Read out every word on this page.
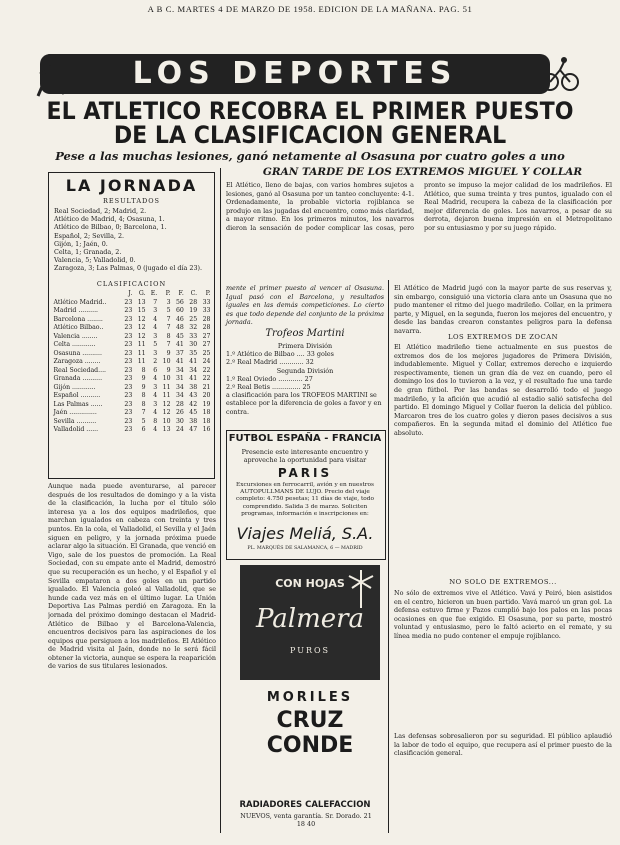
A B C. MARTES 4 DE MARZO DE 1958. EDICION DE LA MAÑANA. PAG. 51
LOS DEPORTES
EL ATLETICO RECOBRA EL PRIMER PUESTO
DE LA CLASIFICACION GENERAL
Pese a las muchas lesiones, ganó netamente al Osasuna por cuatro goles a uno
LA JORNADA
RESULTADOS
Real Sociedad, 2; Madrid, 2.
Atlético de Madrid, 4; Osasuna, 1.
Atlético de Bilbao, 0; Barcelona, 1.
Español, 2; Sevilla, 2.
Gijón, 1; Jaén, 0.
Celta, 1; Granada, 2.
Valencia, 5; Valladolid, 0.
Zaragoza, 3; Las Palmas, 0 (jugado el día 23).
CLASIFICACION
	J.	G.	E.	P.	F.	C.	P.
Atlético Madrid..	23	13	7	3	56	28	33
Madrid ..........	23	15	3	5	60	19	33
Barcelona ........	23	12	4	7	46	25	28
Atlético Bilbao..	23	12	4	7	48	32	28
Valencia ........	23	12	3	8	45	33	27
Celta ............	23	11	5	7	41	30	27
Osasuna ..........	23	11	3	9	37	35	25
Zaragoza ........	23	11	2	10	41	41	24
Real Sociedad....	23	8	6	9	34	34	22
Granada ..........	23	9	4	10	31	41	22
Gijón ............	23	9	3	11	34	38	21
Español ..........	23	8	4	11	34	43	20
Las Palmas ......	23	8	3	12	28	42	19
Jaén ..............	23	7	4	12	26	45	18
Sevilla ..........	23	5	8	10	30	38	18
Valladolid ......	23	6	4	13	24	47	16
Aunque nada puede aventurarse, al parecer después de los resultados de domingo y a la vista de la clasificación, la lucha por el título sólo interesa ya a los dos equipos madrileños, que marchan igualados en cabeza con treinta y tres puntos. En la cola, el Valladolid, el Sevilla y el Jaén siguen en peligro, y la jornada próxima puede aclarar algo la situación. El Granada, que venció en Vigo, sale de los puestos de promoción. La Real Sociedad, con su empate ante el Madrid, demostró que su recuperación es un hecho, y el Español y el Sevilla empataron a dos goles en un partido igualado. El Valencia goleó al Valladolid, que se hunde cada vez más en el último lugar. La Unión Deportiva Las Palmas perdió en Zaragoza. En la jornada del próximo domingo destacan el Madrid-Atlético de Bilbao y el Barcelona-Valencia, encuentros decisivos para las aspiraciones de los equipos que persiguen a los madrileños. El Atlético de Madrid visita al Jaén, donde no le será fácil obtener la victoria, aunque se espera la reaparición de varios de sus titulares lesionados.
GRAN TARDE DE LOS EXTREMOS MIGUEL Y COLLAR
El Atlético, lleno de bajas, con varios hombres sujetos a lesiones, ganó al Osasuna por un tanteo concluyente: 4-1. Ordenadamente, la probable victoria rojiblanca se produjo en las jugadas del encuentro, como más claridad, a mayor ritmo. En los primeros minutos, los navarros dieron la sensación de poder complicar las cosas, pero pronto se impuso la mejor calidad de los madrileños. El Atlético, que suma treinta y tres puntos, igualado con el Real Madrid, recupera la cabeza de la clasificación por mejor diferencia de goles. Los navarros, a pesar de su derrota, dejaron buena impresión en el Metropolitano por su entusiasmo y por su juego rápido.
mente el primer puesto al vencer al Osasuna. Igual pasó con el Barcelona, y resultados iguales en las demás competiciones. Lo cierto es que todo depende del conjunto de la próxima jornada.
Trofeos Martini
Primera División
1.º Atlético de Bilbao .... 33 goles
2.º Real Madrid ............ 32
Segunda División
1.º Real Oviedo ............ 27
2.º Real Betis .............. 25
a clasificación para los TROFEOS MARTINI se establece por la diferencia de goles a favor y en contra.
FUTBOL ESPAÑA - FRANCIA
Presencie este interesante encuentro y aproveche la oportunidad para visitar
PARIS
Excursiones en ferrocarril, avión y en nuestros AUTOPULLMANS DE LUJO. Precio del viaje completo: 4.750 pesetas; 11 días de viaje, todo comprendido. Salida 3 de marzo. Soliciten programas, información e inscripciones en:
Viajes Meliá, S.A.
PL. MARQUÉS DE SALAMANCA, 6 — MADRID
CON HOJAS
Palmera
PUROS
MORILES
CRUZ CONDE
RADIADORES CALEFACCION
NUEVOS, venta garantía. Sr. Dorado. 21 18 40
El Atlético de Madrid jugó con la mayor parte de sus reservas y, sin embargo, consiguió una victoria clara ante un Osasuna que no pudo mantener el ritmo del juego madrileño. Collar, en la primera parte, y Miguel, en la segunda, fueron los mejores del encuentro, y desde las bandas crearon constantes peligros para la defensa navarra.
LOS EXTREMOS DE ZOCAN
El Atlético madrileño tiene actualmente en sus puestos de extremos dos de los mejores jugadores de Primera División, indudablemente. Miguel y Collar, extremos derecho e izquierdo respectivamente, tienen un gran día de vez en cuando, pero el domingo los dos lo tuvieron a la vez, y el resultado fue una tarde de gran fútbol. Por las bandas se desarrolló todo el juego madrileño, y la afición que acudió al estadio salió satisfecha del partido. El domingo Miguel y Collar fueron la delicia del público. Marcaron tres de los cuatro goles y dieron pases decisivos a sus compañeros. En la segunda mitad el dominio del Atlético fue absoluto.
NO SOLO DE EXTREMOS...
No sólo de extremos vive el Atlético. Vavá y Peiró, bien asistidos en el centro, hicieron un buen partido. Vavá marcó un gran gol. La defensa estuvo firme y Pazos cumplió bajo los palos en las pocas ocasiones en que fue exigido. El Osasuna, por su parte, mostró voluntad y entusiasmo, pero le faltó acierto en el remate, y su línea media no pudo contener el empuje rojiblanco.
Las defensas sobresalieron por su seguridad. El público aplaudió la labor de todo el equipo, que recupera así el primer puesto de la clasificación general.
